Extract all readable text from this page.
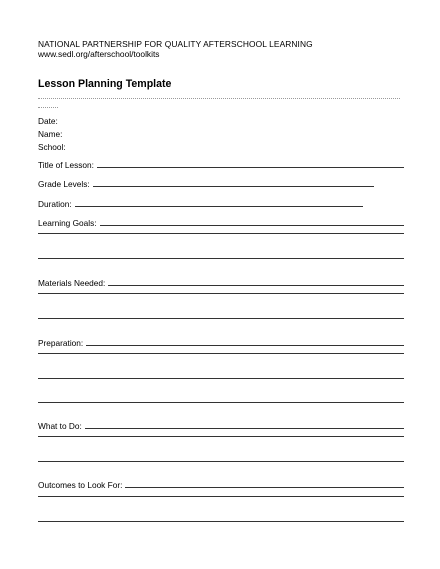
NATIONAL PARTNERSHIP FOR QUALITY AFTERSCHOOL LEARNING
www.sedl.org/afterschool/toolkits
Lesson Planning Template
Date:
Name:
School:
Title of Lesson:
Grade Levels:
Duration:
Learning Goals:
Materials Needed:
Preparation:
What to Do:
Outcomes to Look For:
